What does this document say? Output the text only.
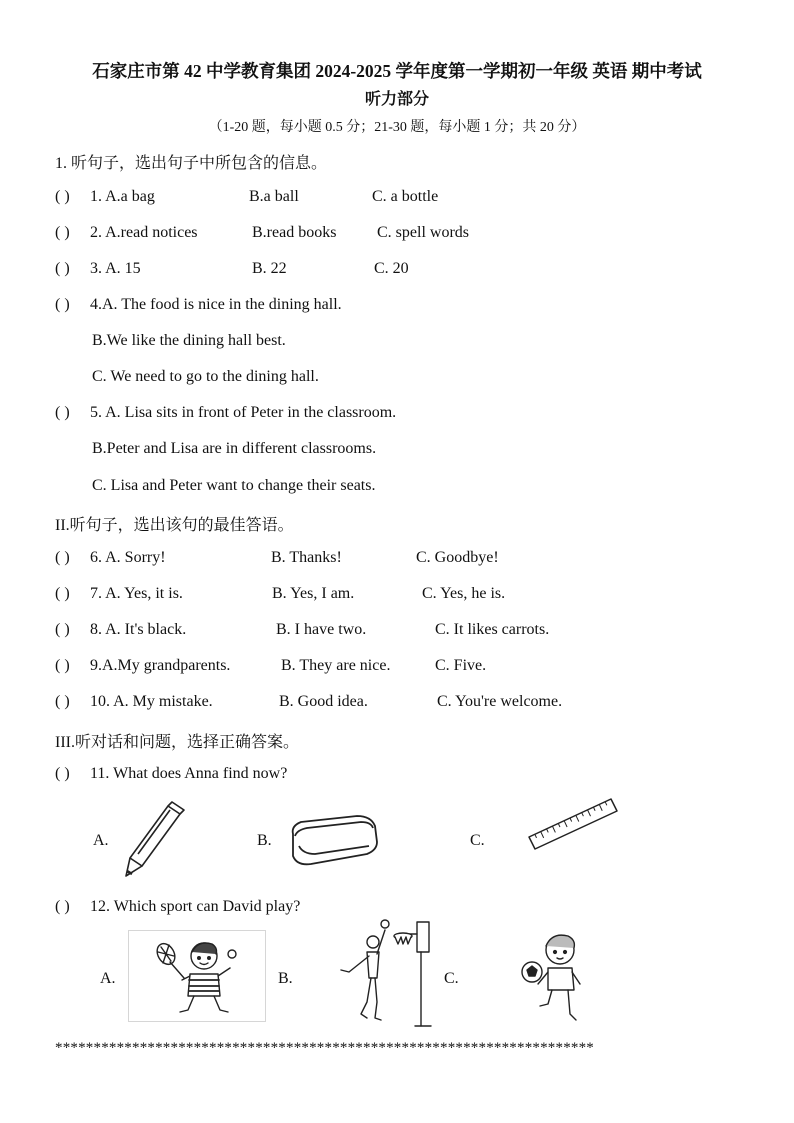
石家庄市第 42 中学教育集团 2024-2025 学年度第一学期初一年级 英语 期中考试
听力部分
（1-20 题，每小题 0.5 分；21-30 题，每小题 1 分；共 20 分）
1. 听句子，选出句子中所包含的信息。
( ) 1. A.a bag	B.a ball	C. a bottle
( ) 2. A.read notices	B.read books	C. spell words
( ) 3. A. 15	B. 22	C. 20
( ) 4.A. The food is nice in the dining hall.
B.We like the dining hall best.
C. We need to go to the dining hall.
( ) 5. A. Lisa sits in front of Peter in the classroom.
B.Peter and Lisa are in different classrooms.
C. Lisa and Peter want to change their seats.
II.听句子，选出该句的最佳答语。
( ) 6. A. Sorry!	B. Thanks!	C. Goodbye!
( ) 7. A. Yes, it is.	B. Yes, I am.	C. Yes, he is.
( ) 8. A. It's black.	B. I have two.	C. It likes carrots.
( ) 9.A.My grandparents.	B. They are nice.	C. Five.
( ) 10. A. My mistake.	B. Good idea.	C. You're welcome.
III.听对话和问题，选择正确答案。
( ) 11. What does Anna find now?
A.	B.	C.
( ) 12. Which sport can David play?
A.	B.	C.
**********************************************************************
